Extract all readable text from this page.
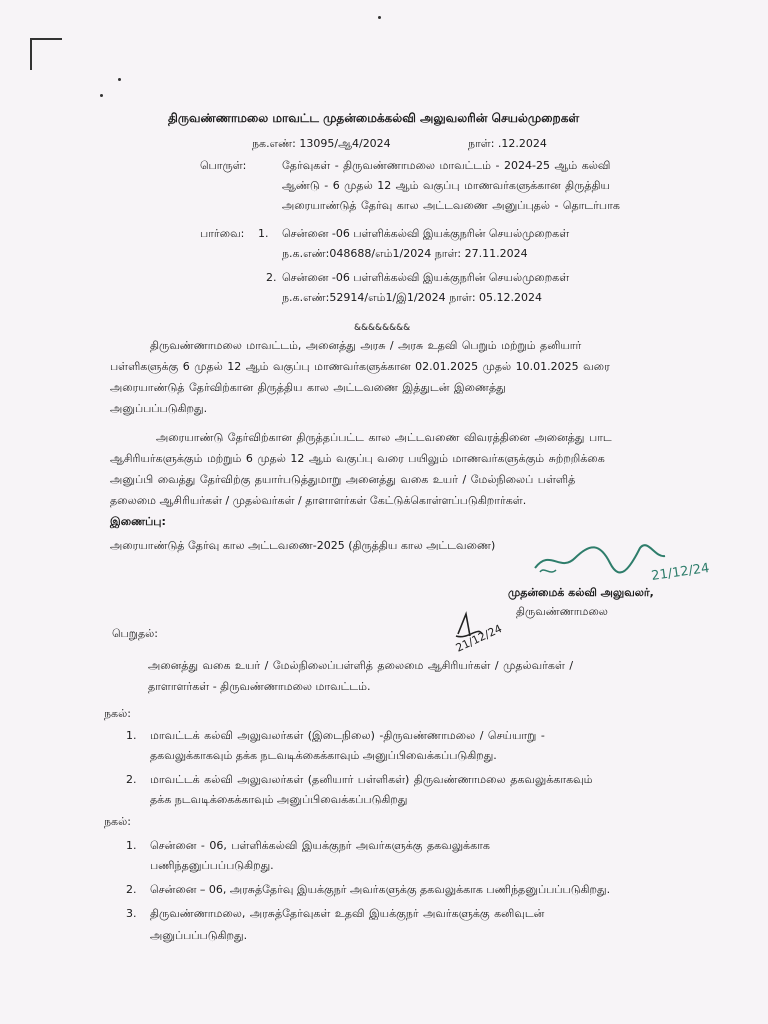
திருவண்ணாமலை மாவட்ட முதன்மைக்கல்வி அலுவலரின் செயல்முறைகள்
நக.எண்: 13095/ஆ4/2024	நாள்: .12.2024
பொருள்:	தேர்வுகள் - திருவண்ணாமலை மாவட்டம் - 2024-25 ஆம் கல்வி
ஆண்டு - 6 முதல் 12 ஆம் வகுப்பு மாணவர்களுக்கான திருத்திய
அரையாண்டுத் தேர்வு கால அட்டவணை அனுப்புதல் - தொடர்பாக
பார்வை: 1. சென்னை -06 பள்ளிக்கல்வி இயக்குநரின் செயல்முறைகள்
ந.க.எண்:048688/எம்1/2024 நாள்: 27.11.2024
2. சென்னை -06 பள்ளிக்கல்வி இயக்குநரின் செயல்முறைகள்
ந.க.எண்:52914/எம்1/இ1/2024 நாள்: 05.12.2024
&&&&&&&&
திருவண்ணாமலை மாவட்டம், அனைத்து அரசு / அரசு உதவி பெறும் மற்றும் தனியார்
பள்ளிகளுக்கு 6 முதல் 12 ஆம் வகுப்பு மாணவர்களுக்கான 02.01.2025 முதல் 10.01.2025 வரை
அரையாண்டுத் தேர்விற்கான திருத்திய கால அட்டவணை இத்துடன் இணைத்து
அனுப்பப்படுகிறது.
அரையாண்டு தேர்விற்கான திருத்தப்பட்ட கால அட்டவணை விவரத்தினை அனைத்து பாட
ஆசிரியர்களுக்கும் மற்றும் 6 முதல் 12 ஆம் வகுப்பு வரை பயிலும் மாணவர்களுக்கும் சுற்றறிக்கை
அனுப்பி வைத்து தேர்விற்கு தயார்படுத்துமாறு அனைத்து வகை உயர் / மேல்நிலைப் பள்ளித்
தலைமை ஆசிரியர்கள் / முதல்வர்கள் / தாளாளர்கள் கேட்டுக்கொள்ளப்படுகிறார்கள்.
இணைப்பு:
அரையாண்டுத் தேர்வு கால அட்டவணை-2025 (திருத்திய கால அட்டவணை)
21/12/24
முதன்மைக் கல்வி அலுவலர்,
திருவண்ணாமலை
21/12/24
பெறுதல்:
அனைத்து வகை உயர் / மேல்நிலைப்பள்ளித் தலைமை ஆசிரியர்கள் / முதல்வர்கள் /
தாளாளர்கள் - திருவண்ணாமலை மாவட்டம்.
நகல்:
1. மாவட்டக் கல்வி அலுவலர்கள் (இடைநிலை) -திருவண்ணாமலை / செய்யாறு -
தகவலுக்காகவும் தக்க நடவடிக்கைக்காவும் அனுப்பிவைக்கப்படுகிறது.
2. மாவட்டக் கல்வி அலுவலர்கள் (தனியார் பள்ளிகள்) திருவண்ணாமலை தகவலுக்காகவும்
தக்க நடவடிக்கைக்காவும் அனுப்பிவைக்கப்படுகிறது
நகல்:
1. சென்னை - 06, பள்ளிக்கல்வி இயக்குநர் அவர்களுக்கு தகவலுக்காக
பணிந்தனுப்பப்படுகிறது.
2. சென்னை – 06, அரசுத்தேர்வு இயக்குநர் அவர்களுக்கு தகவலுக்காக பணிந்தனுப்பப்படுகிறது.
3. திருவண்ணாமலை, அரசுத்தேர்வுகள் உதவி இயக்குநர் அவர்களுக்கு கனிவுடன்
அனுப்பப்படுகிறது.
